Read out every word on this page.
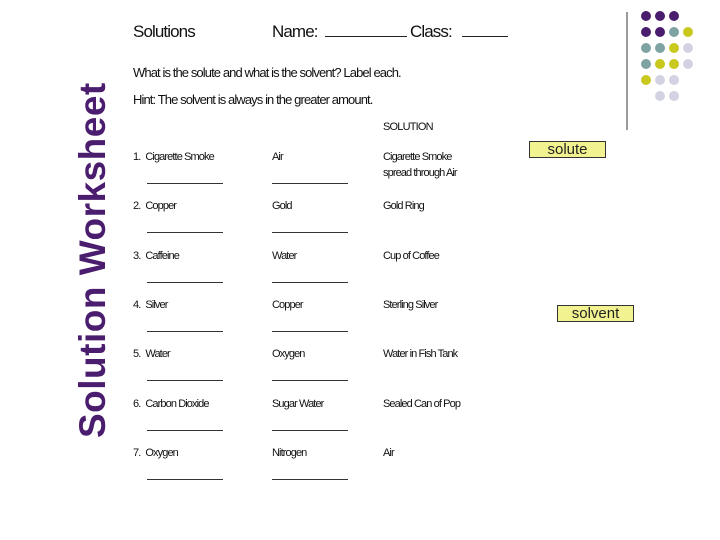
Solution Worksheet
Solutions	Name:	Class:
What is the solute and what is the solvent? Label each.
Hint: The solvent is always in the greater amount.
SOLUTION
1. Cigarette Smoke	Air	Cigarette Smoke
spread through Air
2. Copper	Gold	Gold Ring
3. Caffeine	Water	Cup of Coffee
4. Silver	Copper	Sterling Silver
5. Water	Oxygen	Water in Fish Tank
6. Carbon Dioxide	Sugar Water	Sealed Can of Pop
7. Oxygen	Nitrogen	Air
solute
solvent
